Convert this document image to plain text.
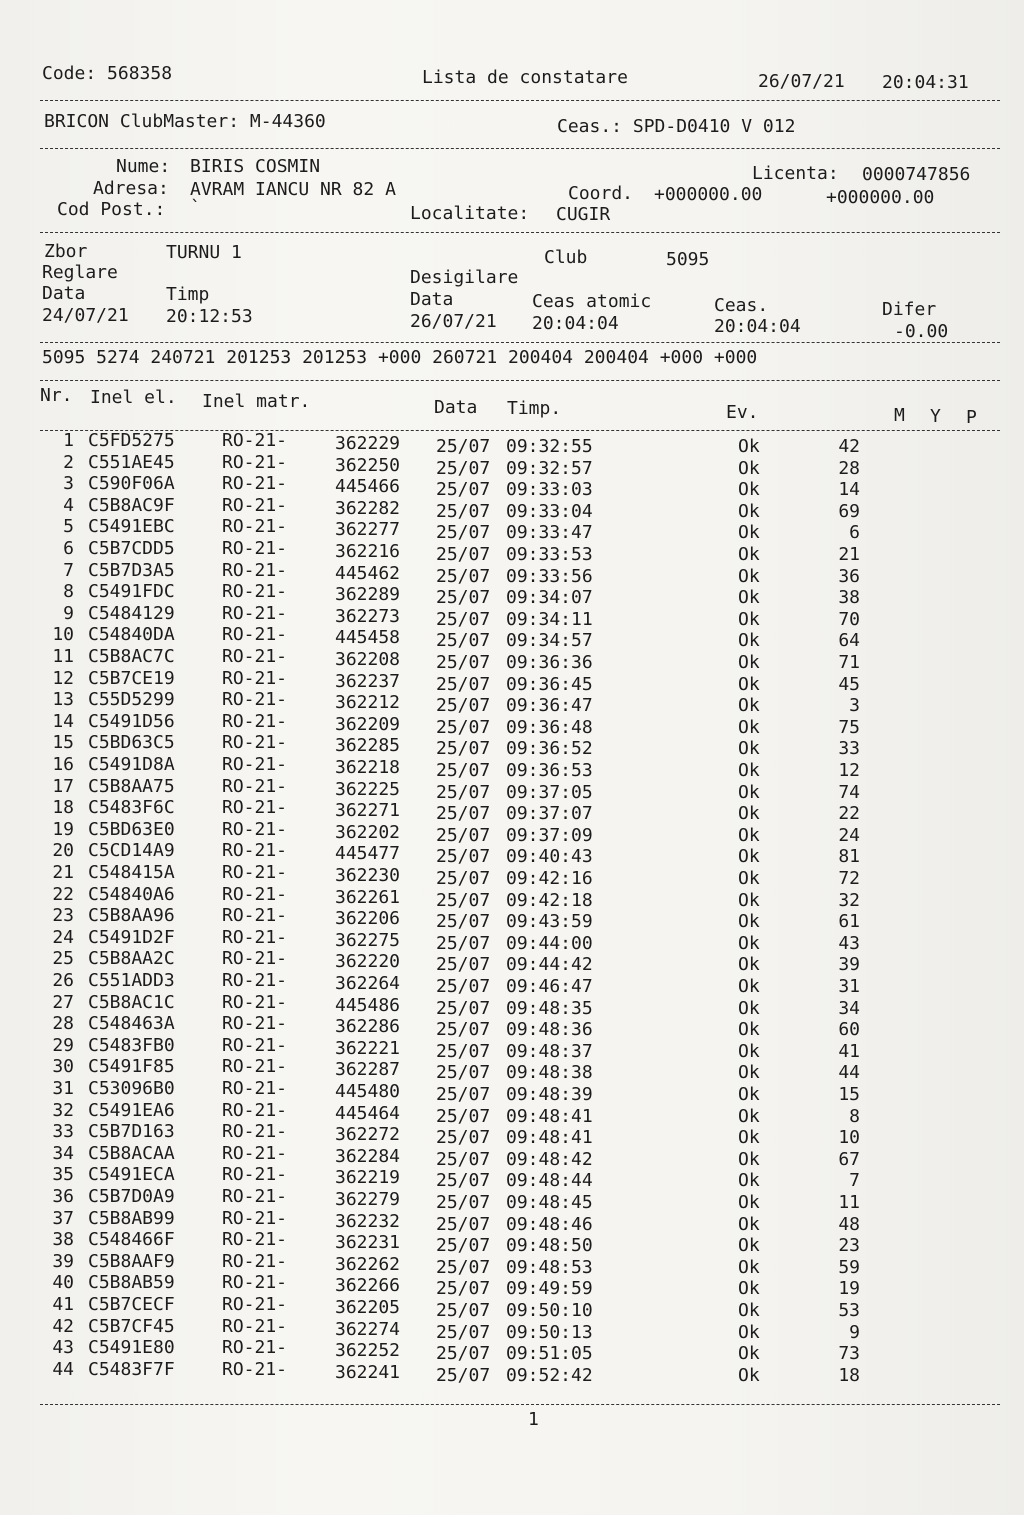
Code: 568358	Lista de constatare	26/07/21 20:04:31
BRICON ClubMaster: M-44360	Ceas.: SPD-D0410 V 012
Nume: BIRIS COSMIN
Adresa: AVRAM IANCU NR 82 A
Cod Post.: `
Licenta: 0000747856
Coord. +000000.00	+000000.00
Localitate: CUGIR
Zbor	TURNU 1	Club	5095
Reglare	Desigilare
Data	Timp	Data	Ceas atomic	Ceas.	Difer
24/07/21 20:12:53	26/07/21 20:04:04	20:04:04	-0.00
5095 5274 240721 201253 201253 +000 260721 200404 200404 +000 +000
Nr. Inel el. Inel matr.	Data Timp.	Ev.	M Y P
1 C5FD5275	RO-21-	362229 25/07 09:32:55	Ok	42
2 C551AE45	RO-21-	362250 25/07 09:32:57	Ok	28
3 C590F06A	RO-21-	445466 25/07 09:33:03	Ok	14
4 C5B8AC9F	RO-21-	362282 25/07 09:33:04	Ok	69
5 C5491EBC	RO-21-	362277 25/07 09:33:47	Ok	6
6 C5B7CDD5	RO-21-	362216 25/07 09:33:53	Ok	21
7 C5B7D3A5	RO-21-	445462 25/07 09:33:56	Ok	36
8 C5491FDC	RO-21-	362289 25/07 09:34:07	Ok	38
9 C5484129	RO-21-	362273 25/07 09:34:11	Ok	70
10 C54840DA	RO-21-	445458 25/07 09:34:57	Ok	64
11 C5B8AC7C	RO-21-	362208 25/07 09:36:36	Ok	71
12 C5B7CE19	RO-21-	362237 25/07 09:36:45	Ok	45
13 C55D5299	RO-21-	362212 25/07 09:36:47	Ok	3
14 C5491D56	RO-21-	362209 25/07 09:36:48	Ok	75
15 C5BD63C5	RO-21-	362285 25/07 09:36:52	Ok	33
16 C5491D8A	RO-21-	362218 25/07 09:36:53	Ok	12
17 C5B8AA75	RO-21-	362225 25/07 09:37:05	Ok	74
18 C5483F6C	RO-21-	362271 25/07 09:37:07	Ok	22
19 C5BD63E0	RO-21-	362202 25/07 09:37:09	Ok	24
20 C5CD14A9	RO-21-	445477 25/07 09:40:43	Ok	81
21 C548415A	RO-21-	362230 25/07 09:42:16	Ok	72
22 C54840A6	RO-21-	362261 25/07 09:42:18	Ok	32
23 C5B8AA96	RO-21-	362206 25/07 09:43:59	Ok	61
24 C5491D2F	RO-21-	362275 25/07 09:44:00	Ok	43
25 C5B8AA2C	RO-21-	362220 25/07 09:44:42	Ok	39
26 C551ADD3	RO-21-	362264 25/07 09:46:47	Ok	31
27 C5B8AC1C	RO-21-	445486 25/07 09:48:35	Ok	34
28 C548463A	RO-21-	362286 25/07 09:48:36	Ok	60
29 C5483FB0	RO-21-	362221 25/07 09:48:37	Ok	41
30 C5491F85	RO-21-	362287 25/07 09:48:38	Ok	44
31 C53096B0	RO-21-	445480 25/07 09:48:39	Ok	15
32 C5491EA6	RO-21-	445464 25/07 09:48:41	Ok	8
33 C5B7D163	RO-21-	362272 25/07 09:48:41	Ok	10
34 C5B8ACAA	RO-21-	362284 25/07 09:48:42	Ok	67
35 C5491ECA	RO-21-	362219 25/07 09:48:44	Ok	7
36 C5B7D0A9	RO-21-	362279 25/07 09:48:45	Ok	11
37 C5B8AB99	RO-21-	362232 25/07 09:48:46	Ok	48
38 C548466F	RO-21-	362231 25/07 09:48:50	Ok	23
39 C5B8AAF9	RO-21-	362262 25/07 09:48:53	Ok	59
40 C5B8AB59	RO-21-	362266 25/07 09:49:59	Ok	19
41 C5B7CECF	RO-21-	362205 25/07 09:50:10	Ok	53
42 C5B7CF45	RO-21-	362274 25/07 09:50:13	Ok	9
43 C5491E80	RO-21-	362252 25/07 09:51:05	Ok	73
44 C5483F7F	RO-21-	362241 25/07 09:52:42	Ok	18
1
